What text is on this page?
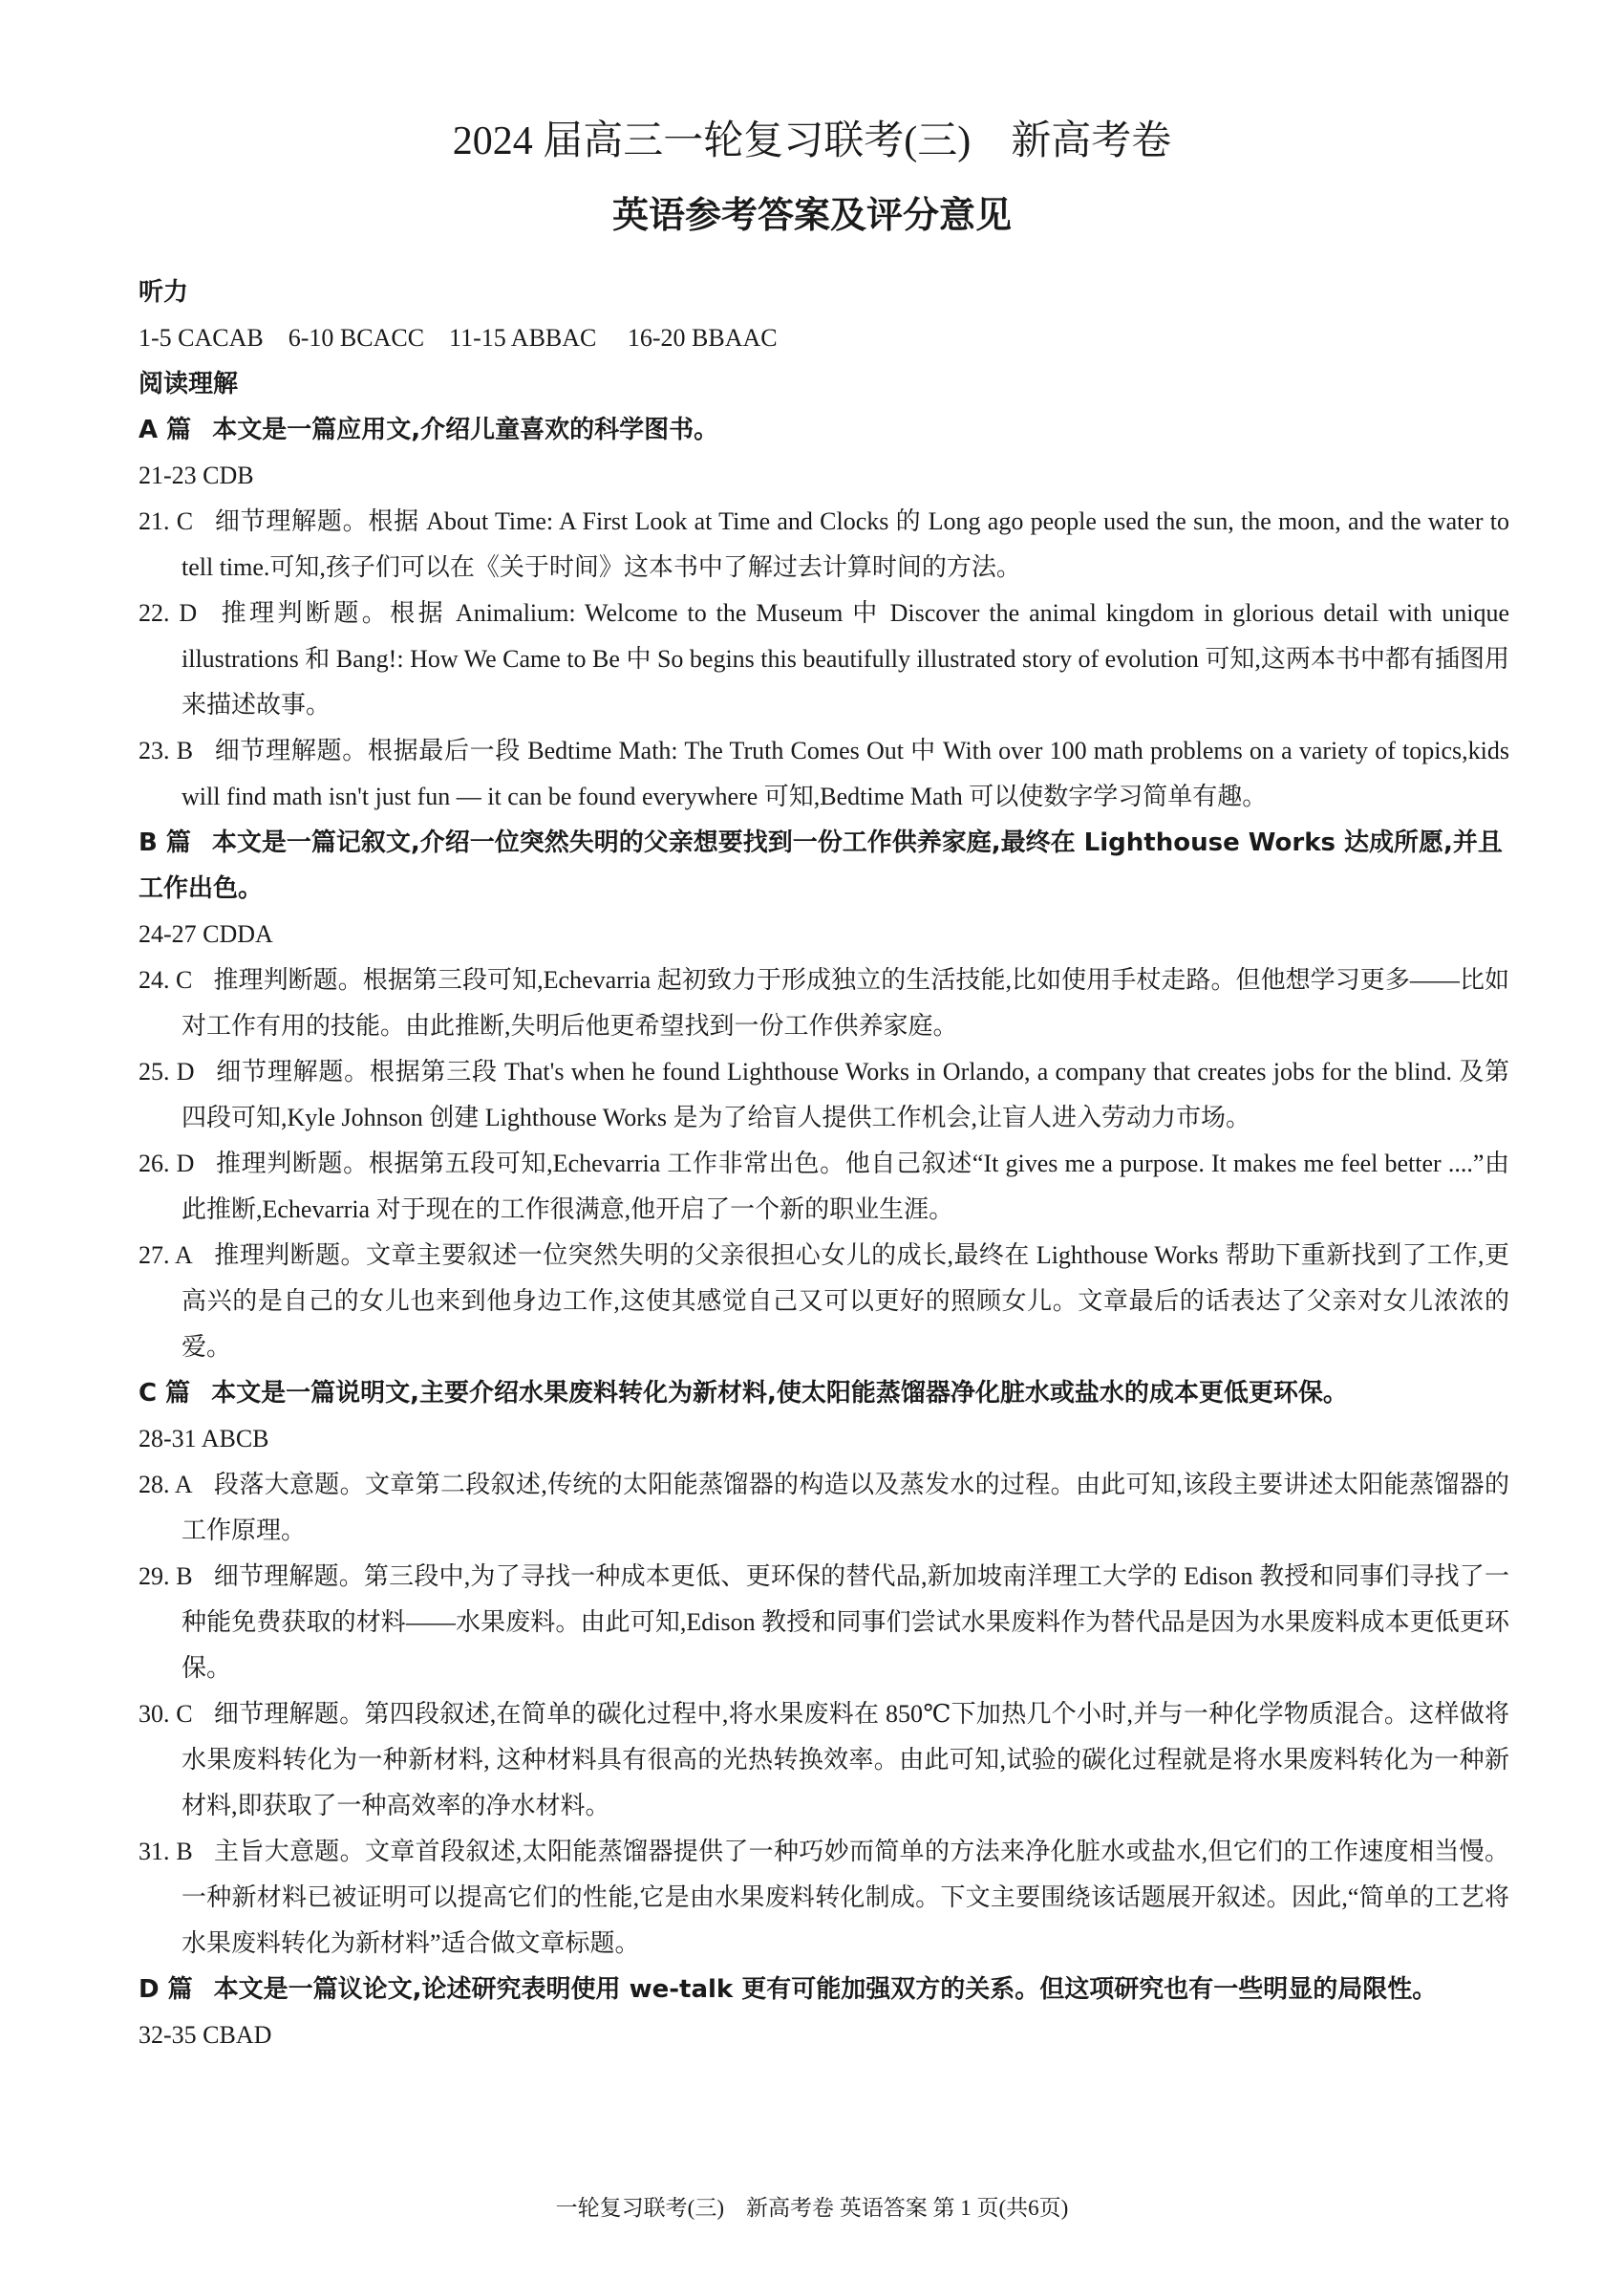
2024 届高三一轮复习联考(三)　新高考卷
英语参考答案及评分意见
听力
1-5 CACAB　6-10 BCACC　11-15 ABBAC　 16-20 BBAAC
阅读理解
A 篇 本文是一篇应用文,介绍儿童喜欢的科学图书。
21-23 CDB
21. C 细节理解题。根据 About Time: A First Look at Time and Clocks 的 Long ago people used the sun, the moon, and the water to tell time.可知,孩子们可以在《关于时间》这本书中了解过去计算时间的方法。
22. D 推理判断题。根据 Animalium: Welcome to the Museum 中 Discover the animal kingdom in glorious detail with unique illustrations 和 Bang!: How We Came to Be 中 So begins this beautifully illustrated story of evolution 可知,这两本书中都有插图用来描述故事。
23. B 细节理解题。根据最后一段 Bedtime Math: The Truth Comes Out 中 With over 100 math problems on a variety of topics,kids will find math isn't just fun — it can be found everywhere 可知,Bedtime Math 可以使数字学习简单有趣。
B 篇 本文是一篇记叙文,介绍一位突然失明的父亲想要找到一份工作供养家庭,最终在 Lighthouse Works 达成所愿,并且工作出色。
24-27 CDDA
24. C 推理判断题。根据第三段可知,Echevarria 起初致力于形成独立的生活技能,比如使用手杖走路。但他想学习更多——比如对工作有用的技能。由此推断,失明后他更希望找到一份工作供养家庭。
25. D 细节理解题。根据第三段 That's when he found Lighthouse Works in Orlando, a company that creates jobs for the blind. 及第四段可知,Kyle Johnson 创建 Lighthouse Works 是为了给盲人提供工作机会,让盲人进入劳动力市场。
26. D 推理判断题。根据第五段可知,Echevarria 工作非常出色。他自己叙述“It gives me a purpose. It makes me feel better ....”由此推断,Echevarria 对于现在的工作很满意,他开启了一个新的职业生涯。
27. A 推理判断题。文章主要叙述一位突然失明的父亲很担心女儿的成长,最终在 Lighthouse Works 帮助下重新找到了工作,更高兴的是自己的女儿也来到他身边工作,这使其感觉自己又可以更好的照顾女儿。文章最后的话表达了父亲对女儿浓浓的爱。
C 篇 本文是一篇说明文,主要介绍水果废料转化为新材料,使太阳能蒸馏器净化脏水或盐水的成本更低更环保。
28-31 ABCB
28. A 段落大意题。文章第二段叙述,传统的太阳能蒸馏器的构造以及蒸发水的过程。由此可知,该段主要讲述太阳能蒸馏器的工作原理。
29. B 细节理解题。第三段中,为了寻找一种成本更低、更环保的替代品,新加坡南洋理工大学的 Edison 教授和同事们寻找了一种能免费获取的材料——水果废料。由此可知,Edison 教授和同事们尝试水果废料作为替代品是因为水果废料成本更低更环保。
30. C 细节理解题。第四段叙述,在简单的碳化过程中,将水果废料在 850℃下加热几个小时,并与一种化学物质混合。这样做将水果废料转化为一种新材料, 这种材料具有很高的光热转换效率。由此可知,试验的碳化过程就是将水果废料转化为一种新材料,即获取了一种高效率的净水材料。
31. B 主旨大意题。文章首段叙述,太阳能蒸馏器提供了一种巧妙而简单的方法来净化脏水或盐水,但它们的工作速度相当慢。一种新材料已被证明可以提高它们的性能,它是由水果废料转化制成。下文主要围绕该话题展开叙述。因此,“简单的工艺将水果废料转化为新材料”适合做文章标题。
D 篇 本文是一篇议论文,论述研究表明使用 we-talk 更有可能加强双方的关系。但这项研究也有一些明显的局限性。
32-35 CBAD
一轮复习联考(三)　新高考卷 英语答案 第 1 页(共6页)
